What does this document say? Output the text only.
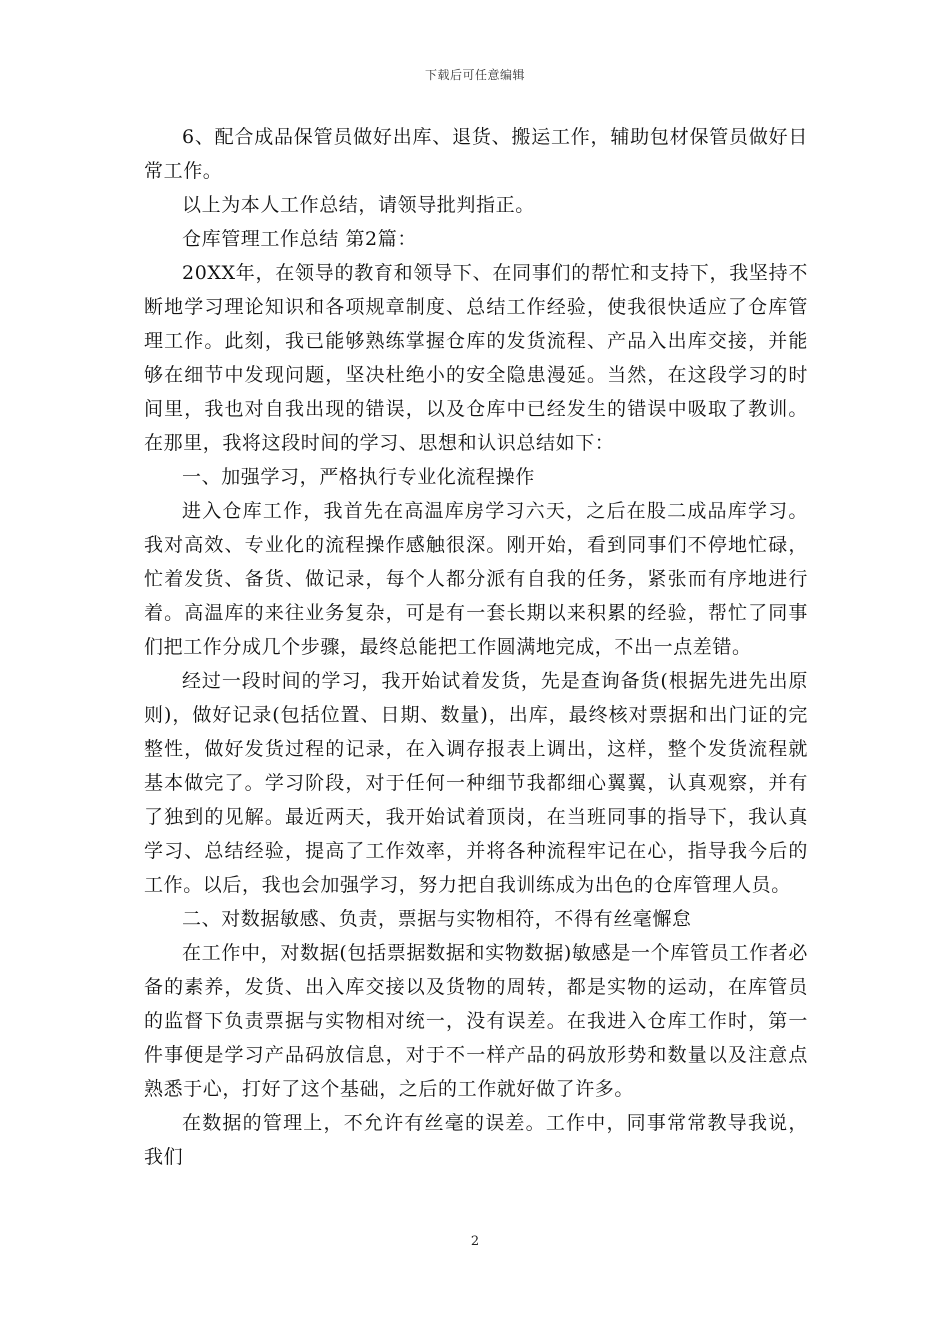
下载后可任意编辑

6、配合成品保管员做好出库、退货、搬运工作，辅助包材保管员做好日常工作。

以上为本人工作总结，请领导批判指正。

仓库管理工作总结 第2篇：

20XX年，在领导的教育和领导下、在同事们的帮忙和支持下，我坚持不断地学习理论知识和各项规章制度、总结工作经验，使我很快适应了仓库管理工作。此刻，我已能够熟练掌握仓库的发货流程、产品入出库交接，并能够在细节中发现问题，坚决杜绝小的安全隐患漫延。当然，在这段学习的时间里，我也对自我出现的错误，以及仓库中已经发生的错误中吸取了教训。在那里，我将这段时间的学习、思想和认识总结如下：

一、加强学习，严格执行专业化流程操作

进入仓库工作，我首先在高温库房学习六天，之后在股二成品库学习。我对高效、专业化的流程操作感触很深。刚开始，看到同事们不停地忙碌，忙着发货、备货、做记录，每个人都分派有自我的任务，紧张而有序地进行着。高温库的来往业务复杂，可是有一套长期以来积累的经验，帮忙了同事们把工作分成几个步骤，最终总能把工作圆满地完成，不出一点差错。

经过一段时间的学习，我开始试着发货，先是查询备货(根据先进先出原则)，做好记录(包括位置、日期、数量)，出库，最终核对票据和出门证的完整性，做好发货过程的记录，在入调存报表上调出，这样，整个发货流程就基本做完了。学习阶段，对于任何一种细节我都细心翼翼，认真观察，并有了独到的见解。最近两天，我开始试着顶岗，在当班同事的指导下，我认真学习、总结经验，提高了工作效率，并将各种流程牢记在心，指导我今后的工作。以后，我也会加强学习，努力把自我训练成为出色的仓库管理人员。

二、对数据敏感、负责，票据与实物相符，不得有丝毫懈怠

在工作中，对数据(包括票据数据和实物数据)敏感是一个库管员工作者必备的素养，发货、出入库交接以及货物的周转，都是实物的运动，在库管员的监督下负责票据与实物相对统一，没有误差。在我进入仓库工作时，第一件事便是学习产品码放信息，对于不一样产品的码放形势和数量以及注意点熟悉于心，打好了这个基础，之后的工作就好做了许多。

在数据的管理上，不允许有丝毫的误差。工作中，同事常常教导我说，我们

2
